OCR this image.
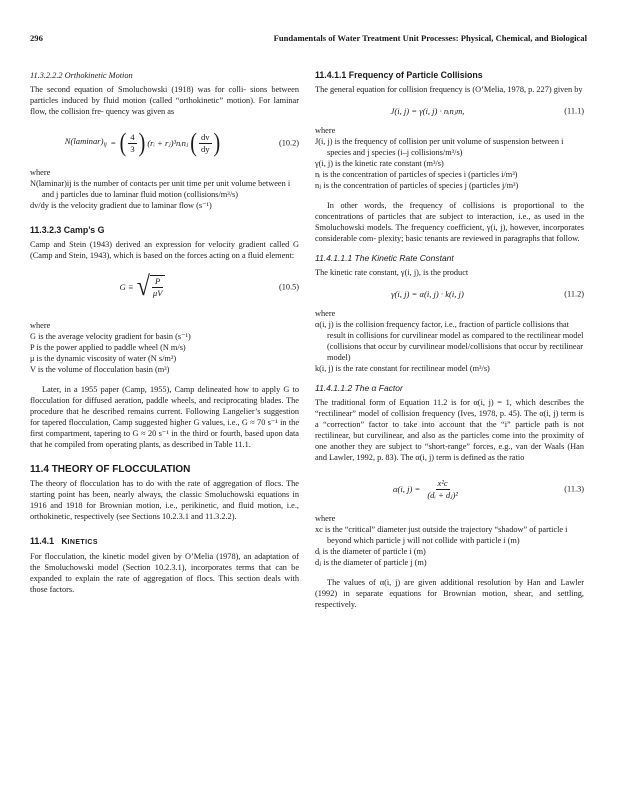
296	Fundamentals of Water Treatment Unit Processes: Physical, Chemical, and Biological
11.3.2.2.2 Orthokinetic Motion

The second equation of Smoluchowski (1918) was for colli- sions between particles induced by fluid motion (called “orthokinetic” motion). For laminar flow, the collision fre- quency was given as

$N(laminar)_{ij}$ = ( $\frac{4}{3}$ ) (rᵢ + rⱼ)³nᵢnⱼ ( $\frac{dv}{dy}$ )	(10.2)

where

N(laminar)ij is the number of contacts per unit time per unit volume between i and j particles due to laminar fluid motion (collisions/m³/s)

dv/dy is the velocity gradient due to laminar flow (s⁻¹)

11.3.2.3 Camp’s G

Camp and Stein (1943) derived an expression for velocity gradient called G (Camp and Stein, 1943), which is based on the forces acting on a fluid element:

G ≡ √ P
μV
(10.5)

where

G is the average velocity gradient for basin (s⁻¹)

P is the power applied to paddle wheel (N m/s)

μ is the dynamic viscosity of water (N s/m²)

V is the volume of flocculation basin (m³)

Later, in a 1955 paper (Camp, 1955), Camp delineated how to apply G to flocculation for diffused aeration, paddle wheels, and reciprocating blades. The procedure that he described remains current. Following Langelier’s suggestion for tapered flocculation, Camp suggested higher G values, i.e., G ≈ 70 s⁻¹ in the first compartment, tapering to G ≈ 20 s⁻¹ in the third or fourth, based upon data that he compiled from operating plants, as described in Table 11.1.

11.4 THEORY OF FLOCCULATION

The theory of flocculation has to do with the rate of aggregation of flocs. The starting point has been, nearly always, the classic Smoluchowski equations in 1916 and 1918 for Brownian motion, i.e., perikinetic, and fluid motion, i.e., orthokinetic, respectively (see Sections 10.2.3.1 and 11.3.2.2).

11.4.1 KINETICS

For flocculation, the kinetic model given by O’Melia (1978), an adaptation of the Smoluchowski model (Section 10.2.3.1), incorporates terms that can be expanded to explain the rate of aggregation of flocs. This section deals with those factors.

11.4.1.1 Frequency of Particle Collisions

The general equation for collision frequency is (O’Melia, 1978, p. 227) given by

J(i, j) = γ(i, j) · nᵢnⱼm,	(11.1)

where

J(i, j) is the frequency of collision per unit volume of suspension between i species and j species (i–j collisions/m³/s)

γ(i, j) is the kinetic rate constant (m³/s)

nᵢ is the concentration of particles of species i (particles i/m³)

nⱼ is the concentration of particles of species j (particles j/m³)

In other words, the frequency of collisions is proportional to the concentrations of particles that are subject to interaction, i.e., as used in the Smoluchowski models. The frequency coefficient, γ(i, j), however, incorporates considerable com- plexity; basic tenants are reviewed in paragraphs that follow.

11.4.1.1.1 The Kinetic Rate Constant

The kinetic rate constant, γ(i, j), is the product

γ(i, j) = α(i, j) · k(i, j)	(11.2)

where

α(i, j) is the collision frequency factor, i.e., fraction of particle collisions that result in collisions for curvilinear model as compared to the rectilinear model (collisions that occur by curvilinear model/collisions that occur by rectilinear model)

k(i, j) is the rate constant for rectilinear model (m³/s)

11.4.1.1.2 The α Factor

The traditional form of Equation 11.2 is for α(i, j) = 1, which describes the “rectilinear” model of collision frequency (Ives, 1978, p. 45). The α(i, j) term is a “correction” factor to take into account that the “i” particle path is not rectilinear, but curvilinear, and also as the particles come into the proximity of one another they are subject to “short-range” forces, e.g., van der Waals (Han and Lawler, 1992, p. 83). The α(i, j) term is defined as the ratio

α(i, $j) = \frac{\text{x²c}}{\text{(dᵢ + dⱼ)²}}$	(11.3)

where

xc is the “critical” diameter just outside the trajectory “shadow” of particle i beyond which particle j will not collide with particle i (m)

dᵢ is the diameter of particle i (m)

dⱼ is the diameter of particle j (m)

The values of α(i, j) are given additional resolution by Han and Lawler (1992) in separate equations for Brownian motion, shear, and settling, respectively.
